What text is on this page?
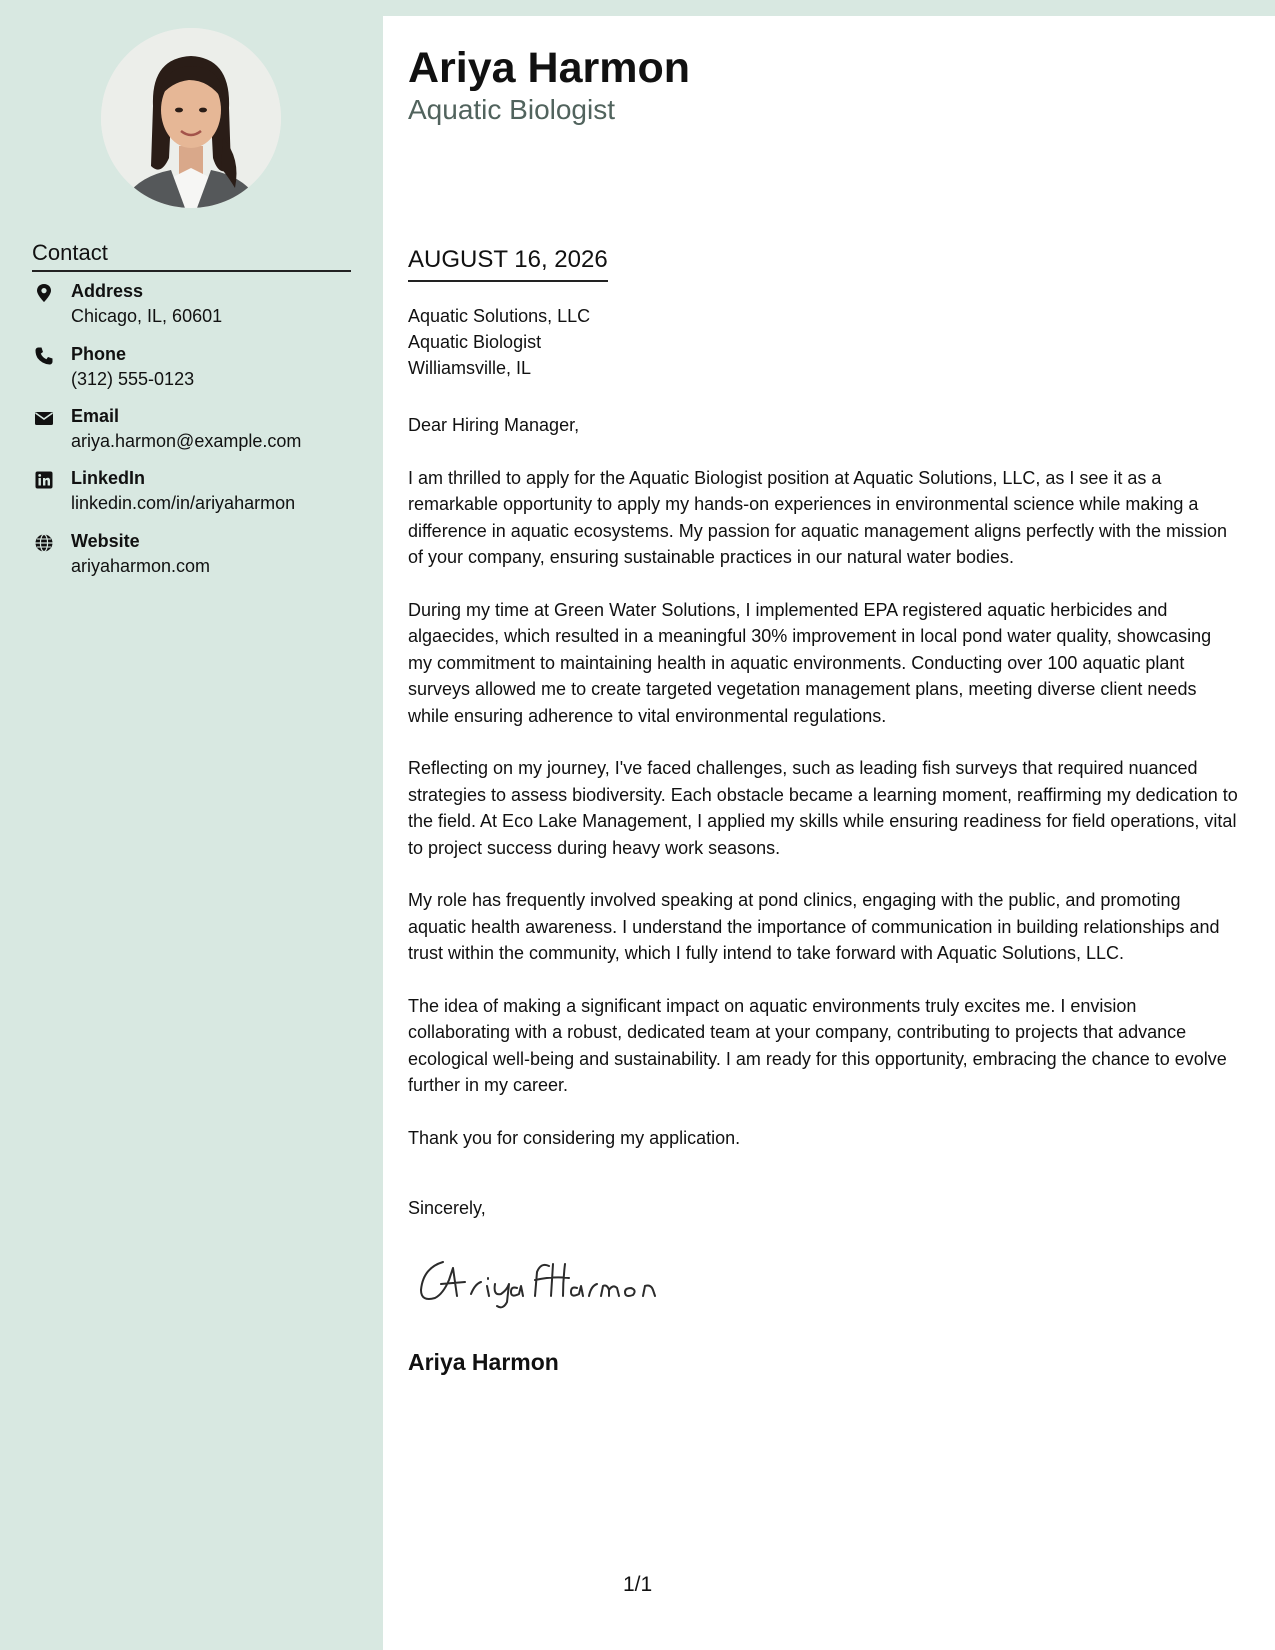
Contact
Address
Chicago, IL, 60601
Phone
(312) 555-0123
Email
ariya.harmon@example.com
LinkedIn
linkedin.com/in/ariyaharmon
Website
ariyaharmon.com
Ariya Harmon
Aquatic Biologist
AUGUST 16, 2026
Aquatic Solutions, LLC
Aquatic Biologist
Williamsville, IL

Dear Hiring Manager,

I am thrilled to apply for the Aquatic Biologist position at Aquatic Solutions, LLC, as I see it as a remarkable opportunity to apply my hands-on experiences in environmental science while making a difference in aquatic ecosystems. My passion for aquatic management aligns perfectly with the mission of your company, ensuring sustainable practices in our natural water bodies.

During my time at Green Water Solutions, I implemented EPA registered aquatic herbicides and algaecides, which resulted in a meaningful 30% improvement in local pond water quality, showcasing my commitment to maintaining health in aquatic environments. Conducting over 100 aquatic plant surveys allowed me to create targeted vegetation management plans, meeting diverse client needs while ensuring adherence to vital environmental regulations.

Reflecting on my journey, I've faced challenges, such as leading fish surveys that required nuanced strategies to assess biodiversity. Each obstacle became a learning moment, reaffirming my dedication to the field. At Eco Lake Management, I applied my skills while ensuring readiness for field operations, vital to project success during heavy work seasons.

My role has frequently involved speaking at pond clinics, engaging with the public, and promoting aquatic health awareness. I understand the importance of communication in building relationships and trust within the community, which I fully intend to take forward with Aquatic Solutions, LLC.

The idea of making a significant impact on aquatic environments truly excites me. I envision collaborating with a robust, dedicated team at your company, contributing to projects that advance ecological well-being and sustainability. I am ready for this opportunity, embracing the chance to evolve further in my career.

Thank you for considering my application.

Sincerely,
Ariya Harmon
1/1
